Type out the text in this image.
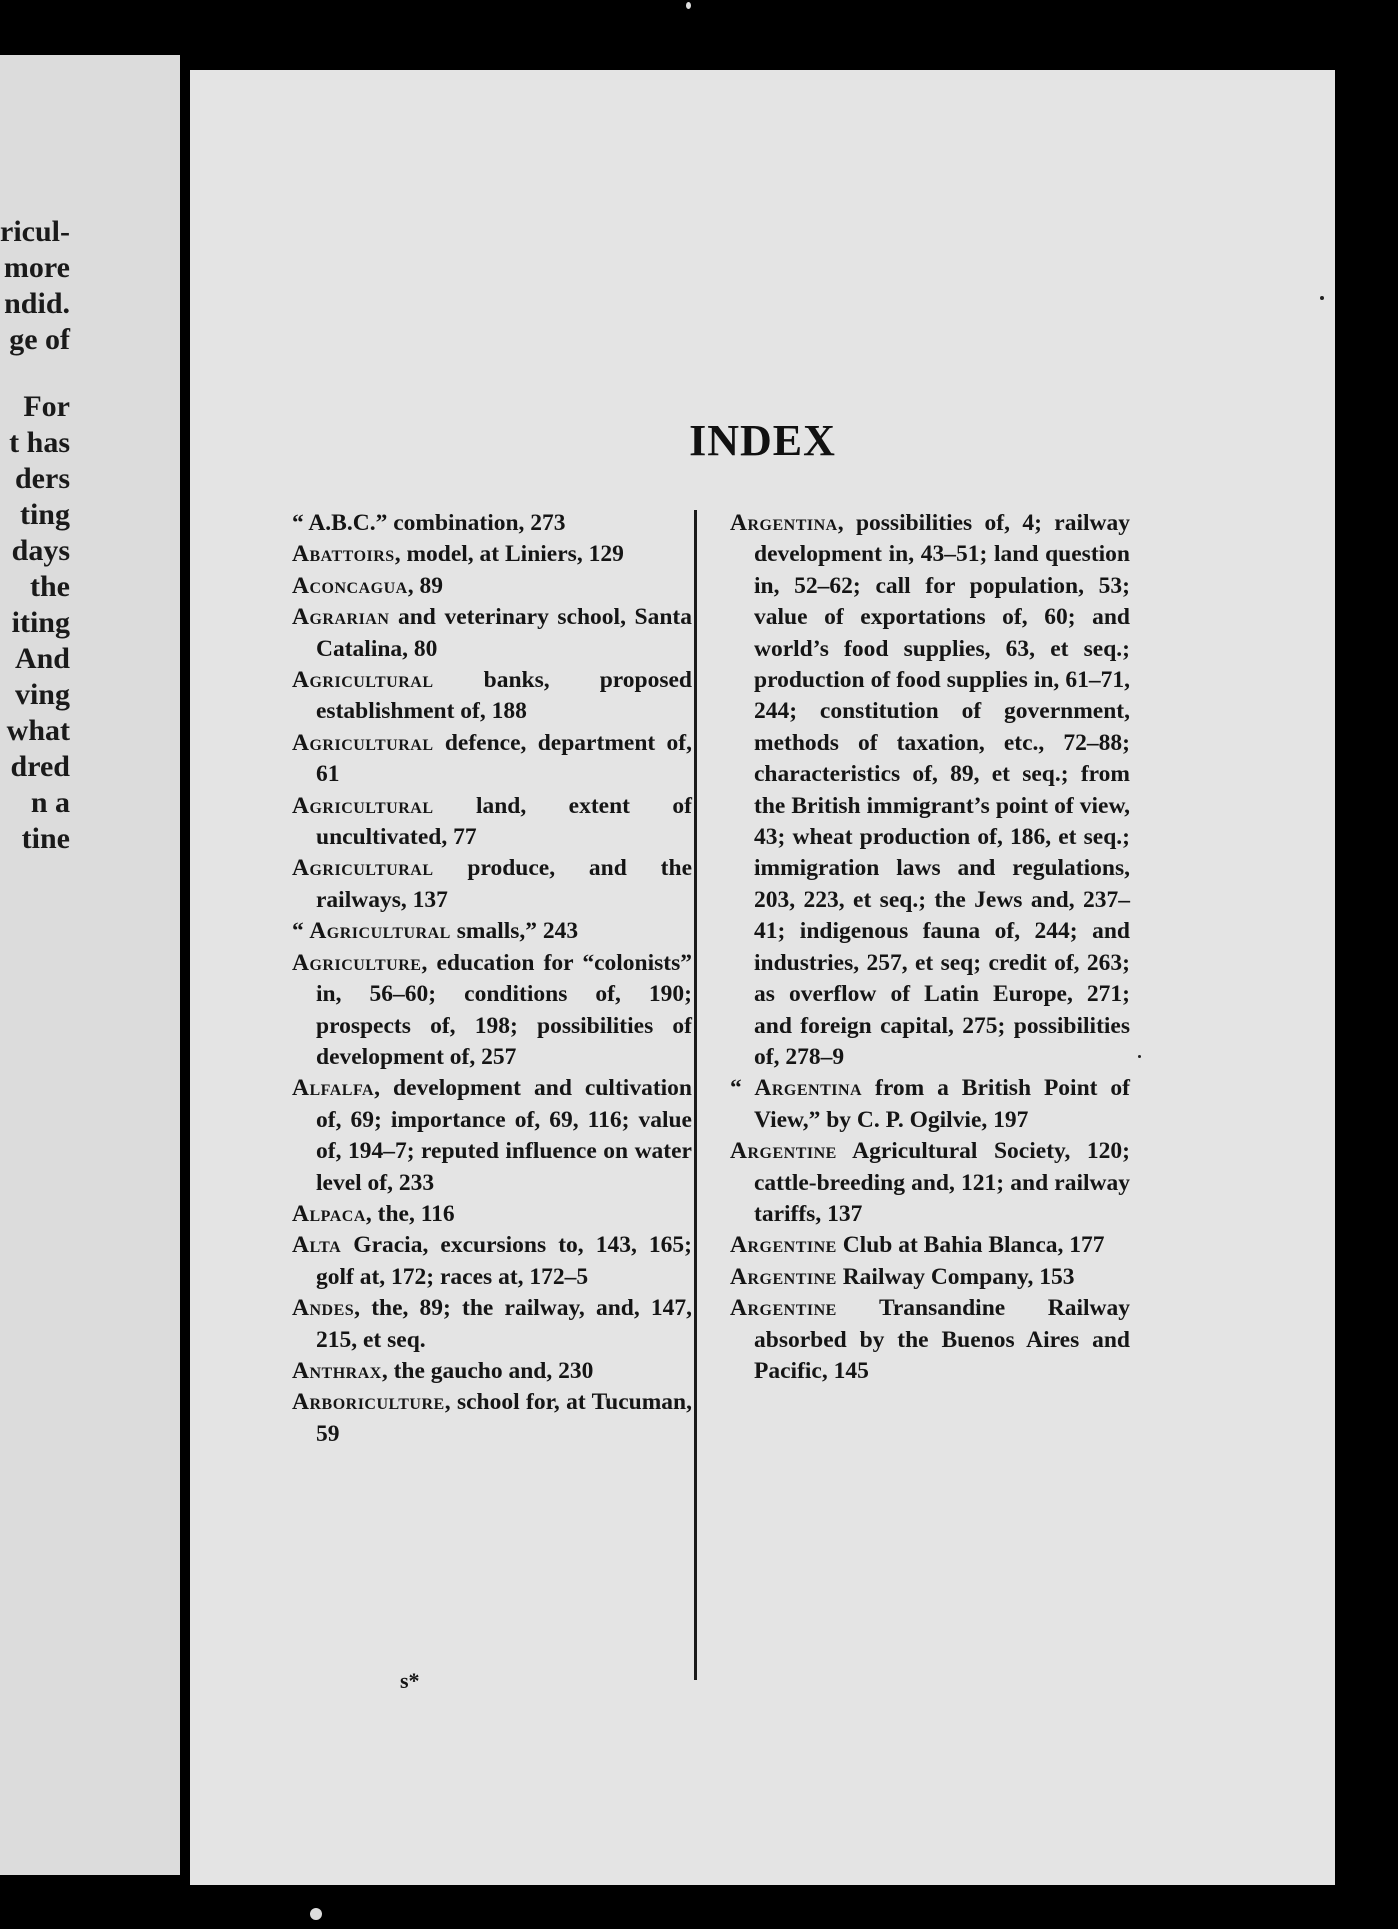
ricul-
more
ndid.
ge of
For
t has
ders
ting
days
the
iting
And
ving
what
dred
n a
tine
INDEX
“ A.B.C.” combination, 273
Abattoirs, model, at Liniers, 129
Aconcagua, 89
Agrarian and veterinary school, Santa Catalina, 80
Agricultural banks, proposed establishment of, 188
Agricultural defence, department of, 61
Agricultural land, extent of uncultivated, 77
Agricultural produce, and the railways, 137
“ Agricultural smalls,” 243
Agriculture, education for “colonists” in, 56–60; conditions of, 190; prospects of, 198; possibilities of development of, 257
Alfalfa, development and cultivation of, 69; importance of, 69, 116; value of, 194–7; reputed influence on water level of, 233
Alpaca, the, 116
Alta Gracia, excursions to, 143, 165; golf at, 172; races at, 172–5
Andes, the, 89; the railway, and, 147, 215, et seq.
Anthrax, the gaucho and, 230
Arboriculture, school for, at Tucuman, 59
Argentina, possibilities of, 4; railway development in, 43–51; land question in, 52–62; call for population, 53; value of exportations of, 60; and world’s food supplies, 63, et seq.; production of food supplies in, 61–71, 244; constitution of government, methods of taxation, etc., 72–88; characteristics of, 89, et seq.; from the British immigrant’s point of view, 43; wheat production of, 186, et seq.; immigration laws and regulations, 203, 223, et seq.; the Jews and, 237–41; indigenous fauna of, 244; and industries, 257, et seq; credit of, 263; as overflow of Latin Europe, 271; and foreign capital, 275; possibilities of, 278–9
“ Argentina from a British Point of View,” by C. P. Ogilvie, 197
Argentine Agricultural Society, 120; cattle-breeding and, 121; and railway tariffs, 137
Argentine Club at Bahia Blanca, 177
Argentine Railway Company, 153
Argentine Transandine Railway absorbed by the Buenos Aires and Pacific, 145
s*
